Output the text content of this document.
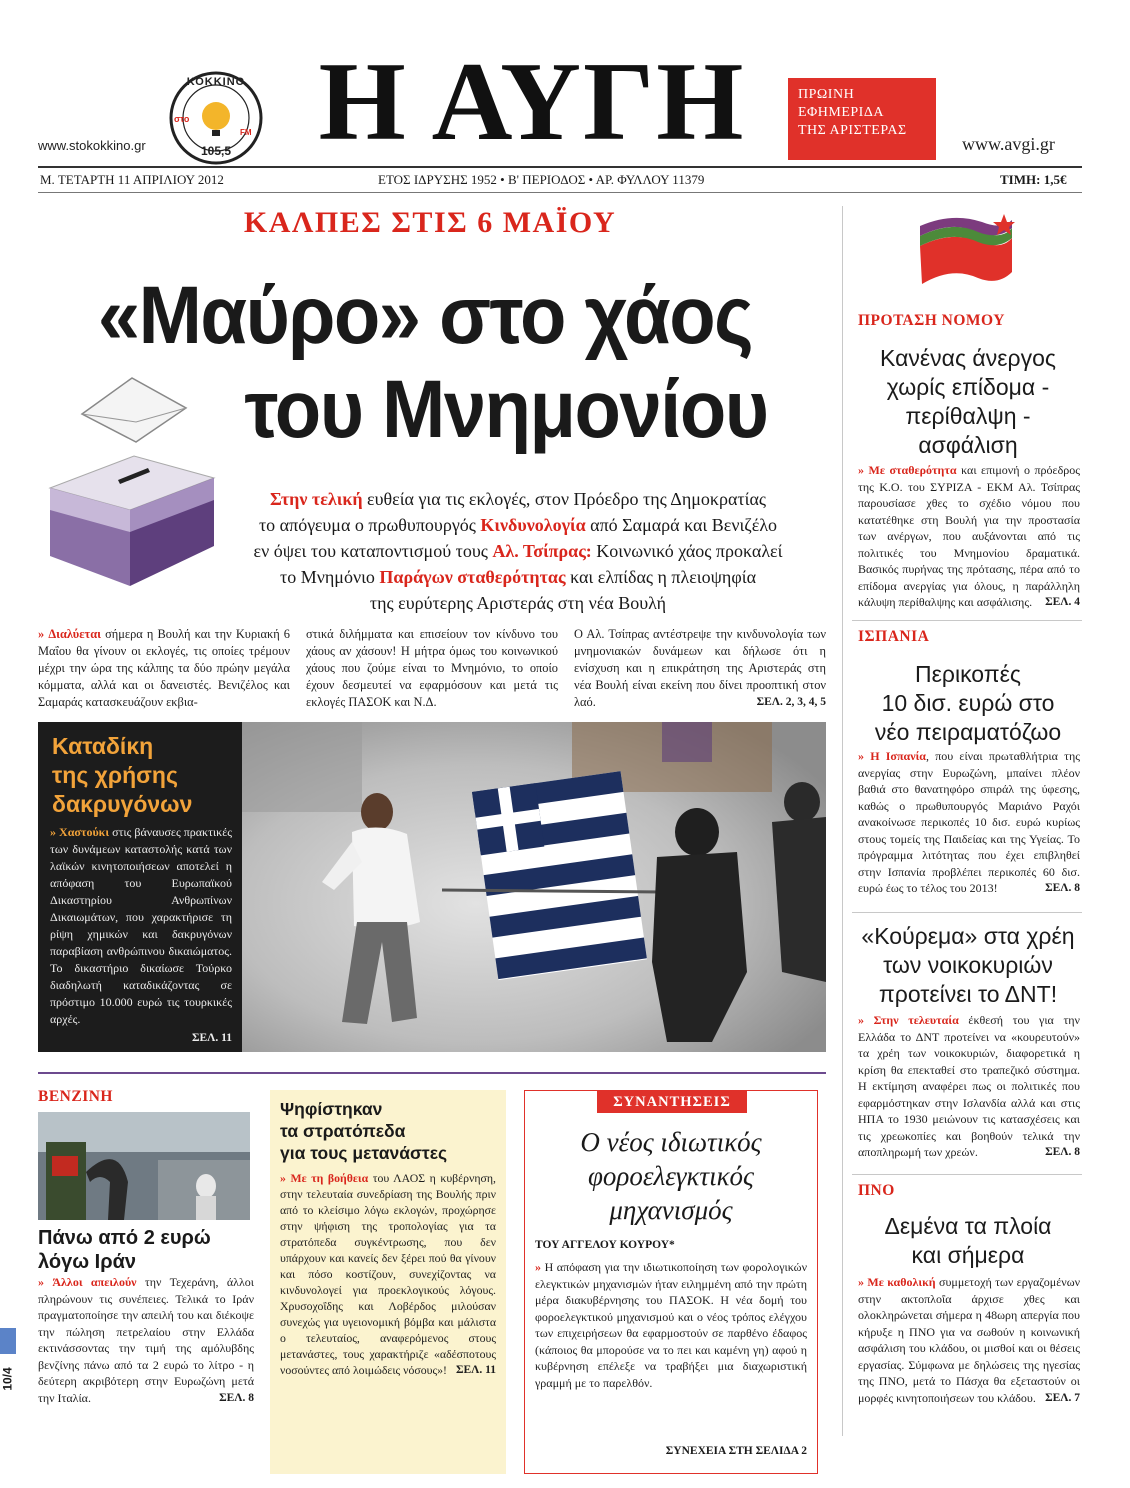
ΚΟΚΚΙΝΟ
στο
105,5
FM
www.stokokkino.gr	Η ΑΥΓΗ	ΠΡΩΙΝΗ
ΕΦΗΜΕΡΙΔΑ
ΤΗΣ ΑΡΙΣΤΕΡΑΣ
www.avgi.gr
Μ. ΤΕΤΑΡΤΗ 11 ΑΠΡΙΛΙΟΥ 2012	ΕΤΟΣ ΙΔΡΥΣΗΣ 1952 • Β' ΠΕΡΙΟΔΟΣ • ΑΡ. ΦΥΛΛΟΥ 11379	ΤΙΜΗ: 1,5€
ΚΑΛΠΕΣ ΣΤΙΣ 6 ΜΑΪΟΥ
«Μαύρο» στο χάος
του Μνημονίου
Στην τελική ευθεία για τις εκλογές, στον Πρόεδρο της Δημοκρατίας
το απόγευμα ο πρωθυπουργός Κινδυνολογία από Σαμαρά και Βενιζέλο
εν όψει του καταποντισμού τους Αλ. Τσίπρας: Κοινωνικό χάος προκαλεί
το Μνημόνιο Παράγων σταθερότητας και ελπίδας η πλειοψηφία
της ευρύτερης Αριστεράς στη νέα Βουλή
» Διαλύεται σήμερα η Βουλή και την Κυριακή 6 Μαΐου θα γίνουν οι εκλογές, τις οποίες τρέμουν μέχρι την ώρα της κάλπης τα δύο πρώην μεγάλα κόμματα, αλλά και οι δανειστές. Βενιζέλος και Σαμαράς κατασκευάζουν εκβια-
στικά διλήμματα και επισείουν τον κίνδυνο του χάους αν χάσουν! Η μήτρα όμως του κοινωνικού χάους που ζούμε είναι το Μνημόνιο, το οποίο έχουν δεσμευτεί να εφαρμόσουν και μετά τις εκλογές ΠΑΣΟΚ και Ν.Δ.
Ο Αλ. Τσίπρας αντέστρεψε την κινδυνολογία των μνημονιακών δυνάμεων και δήλωσε ότι η ενίσχυση και η επικράτηση της Αριστεράς στη νέα Βουλή είναι εκείνη που δίνει προοπτική στον λαό.	ΣΕΛ. 2, 3, 4, 5
Καταδίκη
της χρήσης
δακρυγόνων
» Χαστούκι στις βάναυσες πρακτικές των δυνάμεων καταστολής κατά των λαϊκών κινητοποιήσεων αποτελεί η απόφαση του Ευρωπαϊκού Δικαστηρίου Ανθρωπίνων Δικαιωμάτων, που χαρακτήρισε τη ρίψη χημικών και δακρυγόνων παραβίαση ανθρώπινου δικαιώματος. Το δικαστήριο δικαίωσε Τούρκο διαδηλωτή καταδικάζοντας σε πρόστιμο 10.000 ευρώ τις τουρκικές αρχές.
ΣΕΛ. 11
ΠΡΟΤΑΣΗ ΝΟΜΟΥ
Κανένας άνεργος
χωρίς επίδομα -
περίθαλψη -
ασφάλιση
» Με σταθερότητα και επιμονή ο πρόεδρος της Κ.Ο. του ΣΥΡΙΖΑ - ΕΚΜ Αλ. Τσίπρας παρουσίασε χθες το σχέδιο νόμου που κατατέθηκε στη Βουλή για την προστασία των ανέργων, που αυξάνονται από τις πολιτικές του Μνημονίου δραματικά. Βασικός πυρήνας της πρότασης, πέρα από το επίδομα ανεργίας για όλους, η παράλληλη κάλυψη περίθαλψης και ασφάλισης. ΣΕΛ. 4
ΙΣΠΑΝΙΑ
Περικοπές
10 δισ. ευρώ στο
νέο πειραματόζωο
» Η Ισπανία, που είναι πρωταθλήτρια της ανεργίας στην Ευρωζώνη, μπαίνει πλέον βαθιά στο θανατηφόρο σπιράλ της ύφεσης, καθώς ο πρωθυπουργός Μαριάνο Ραχόι ανακοίνωσε περικοπές 10 δισ. ευρώ κυρίως στους τομείς της Παιδείας και της Υγείας. Το πρόγραμμα λιτότητας που έχει επιβληθεί στην Ισπανία προβλέπει περικοπές 60 δισ. ευρώ έως το τέλος του 2013!	ΣΕΛ. 8
«Κούρεμα» στα χρέη
των νοικοκυριών
προτείνει το ΔΝΤ!
» Στην τελευταία έκθεσή του για την Ελλάδα το ΔΝΤ προτείνει να «κουρευτούν» τα χρέη των νοικοκυριών, διαφορετικά η κρίση θα επεκταθεί στο τραπεζικό σύστημα. Η εκτίμηση αναφέρει πως οι πολιτικές που εφαρμόστηκαν στην Ισλανδία αλλά και στις ΗΠΑ το 1930 μειώνουν τις κατασχέσεις και τις χρεωκοπίες και βοηθούν τελικά την αποπληρωμή των χρεών.	ΣΕΛ. 8
ΠΝΟ
Δεμένα τα πλοία
και σήμερα
» Με καθολική συμμετοχή των εργαζομένων στην ακτοπλοΐα άρχισε χθες και ολοκληρώνεται σήμερα η 48ωρη απεργία που κήρυξε η ΠΝΟ για να σωθούν η κοινωνική ασφάλιση του κλάδου, οι μισθοί και οι θέσεις εργασίας. Σύμφωνα με δηλώσεις της ηγεσίας της ΠΝΟ, μετά το Πάσχα θα εξεταστούν οι μορφές κινητοποιήσεων του κλάδου. ΣΕΛ. 7
ΒΕΝΖΙΝΗ
Πάνω από 2 ευρώ
λόγω Ιράν
» Άλλοι απειλούν την Τεχεράνη, άλλοι πληρώνουν τις συνέπειες. Τελικά το Ιράν πραγματοποίησε την απειλή του και διέκοψε την πώληση πετρελαίου στην Ελλάδα εκτινάσσοντας την τιμή της αμόλυβδης βενζίνης πάνω από τα 2 ευρώ το λίτρο - η δεύτερη ακριβότερη στην Ευρωζώνη μετά την Ιταλία.	ΣΕΛ. 8
Ψηφίστηκαν
τα στρατόπεδα
για τους μετανάστες
» Με τη βοήθεια του ΛΑΟΣ η κυβέρνηση, στην τελευταία συνεδρίαση της Βουλής πριν από το κλείσιμο λόγω εκλογών, προχώρησε στην ψήφιση της τροπολογίας για τα στρατόπεδα συγκέντρωσης, που δεν υπάρχουν και κανείς δεν ξέρει πού θα γίνουν και πόσο κοστίζουν, συνεχίζοντας να κινδυνολογεί για προεκλογικούς λόγους. Χρυσοχοΐδης και Λοβέρδος μιλούσαν συνεχώς για υγειονομική βόμβα και μάλιστα ο τελευταίος, αναφερόμενος στους μετανάστες, τους χαρακτήριζε «αδέσποτους νοσούντες από λοιμώδεις νόσους»! ΣΕΛ. 11
ΣΥΝΑΝΤΗΣΕΙΣ
Ο νέος ιδιωτικός
φοροελεγκτικός
μηχανισμός
ΤΟΥ ΑΓΓΕΛΟΥ ΚΟΥΡΟΥ*
» Η απόφαση για την ιδιωτικοποίηση των φορολογικών ελεγκτικών μηχανισμών ήταν ειλημμένη από την πρώτη μέρα διακυβέρνησης του ΠΑΣΟΚ. Η νέα δομή του φοροελεγκτικού μηχανισμού και ο νέος τρόπος ελέγχου των επιχειρήσεων θα εφαρμοστούν σε παρθένο έδαφος (κάποιος θα μπορούσε να το πει και καμένη γη) αφού η κυβέρνηση επέλεξε να τραβήξει μια διαχωριστική γραμμή με το παρελθόν.
ΣΥΝΕΧΕΙΑ ΣΤΗ ΣΕΛΙΔΑ 2
10/4
